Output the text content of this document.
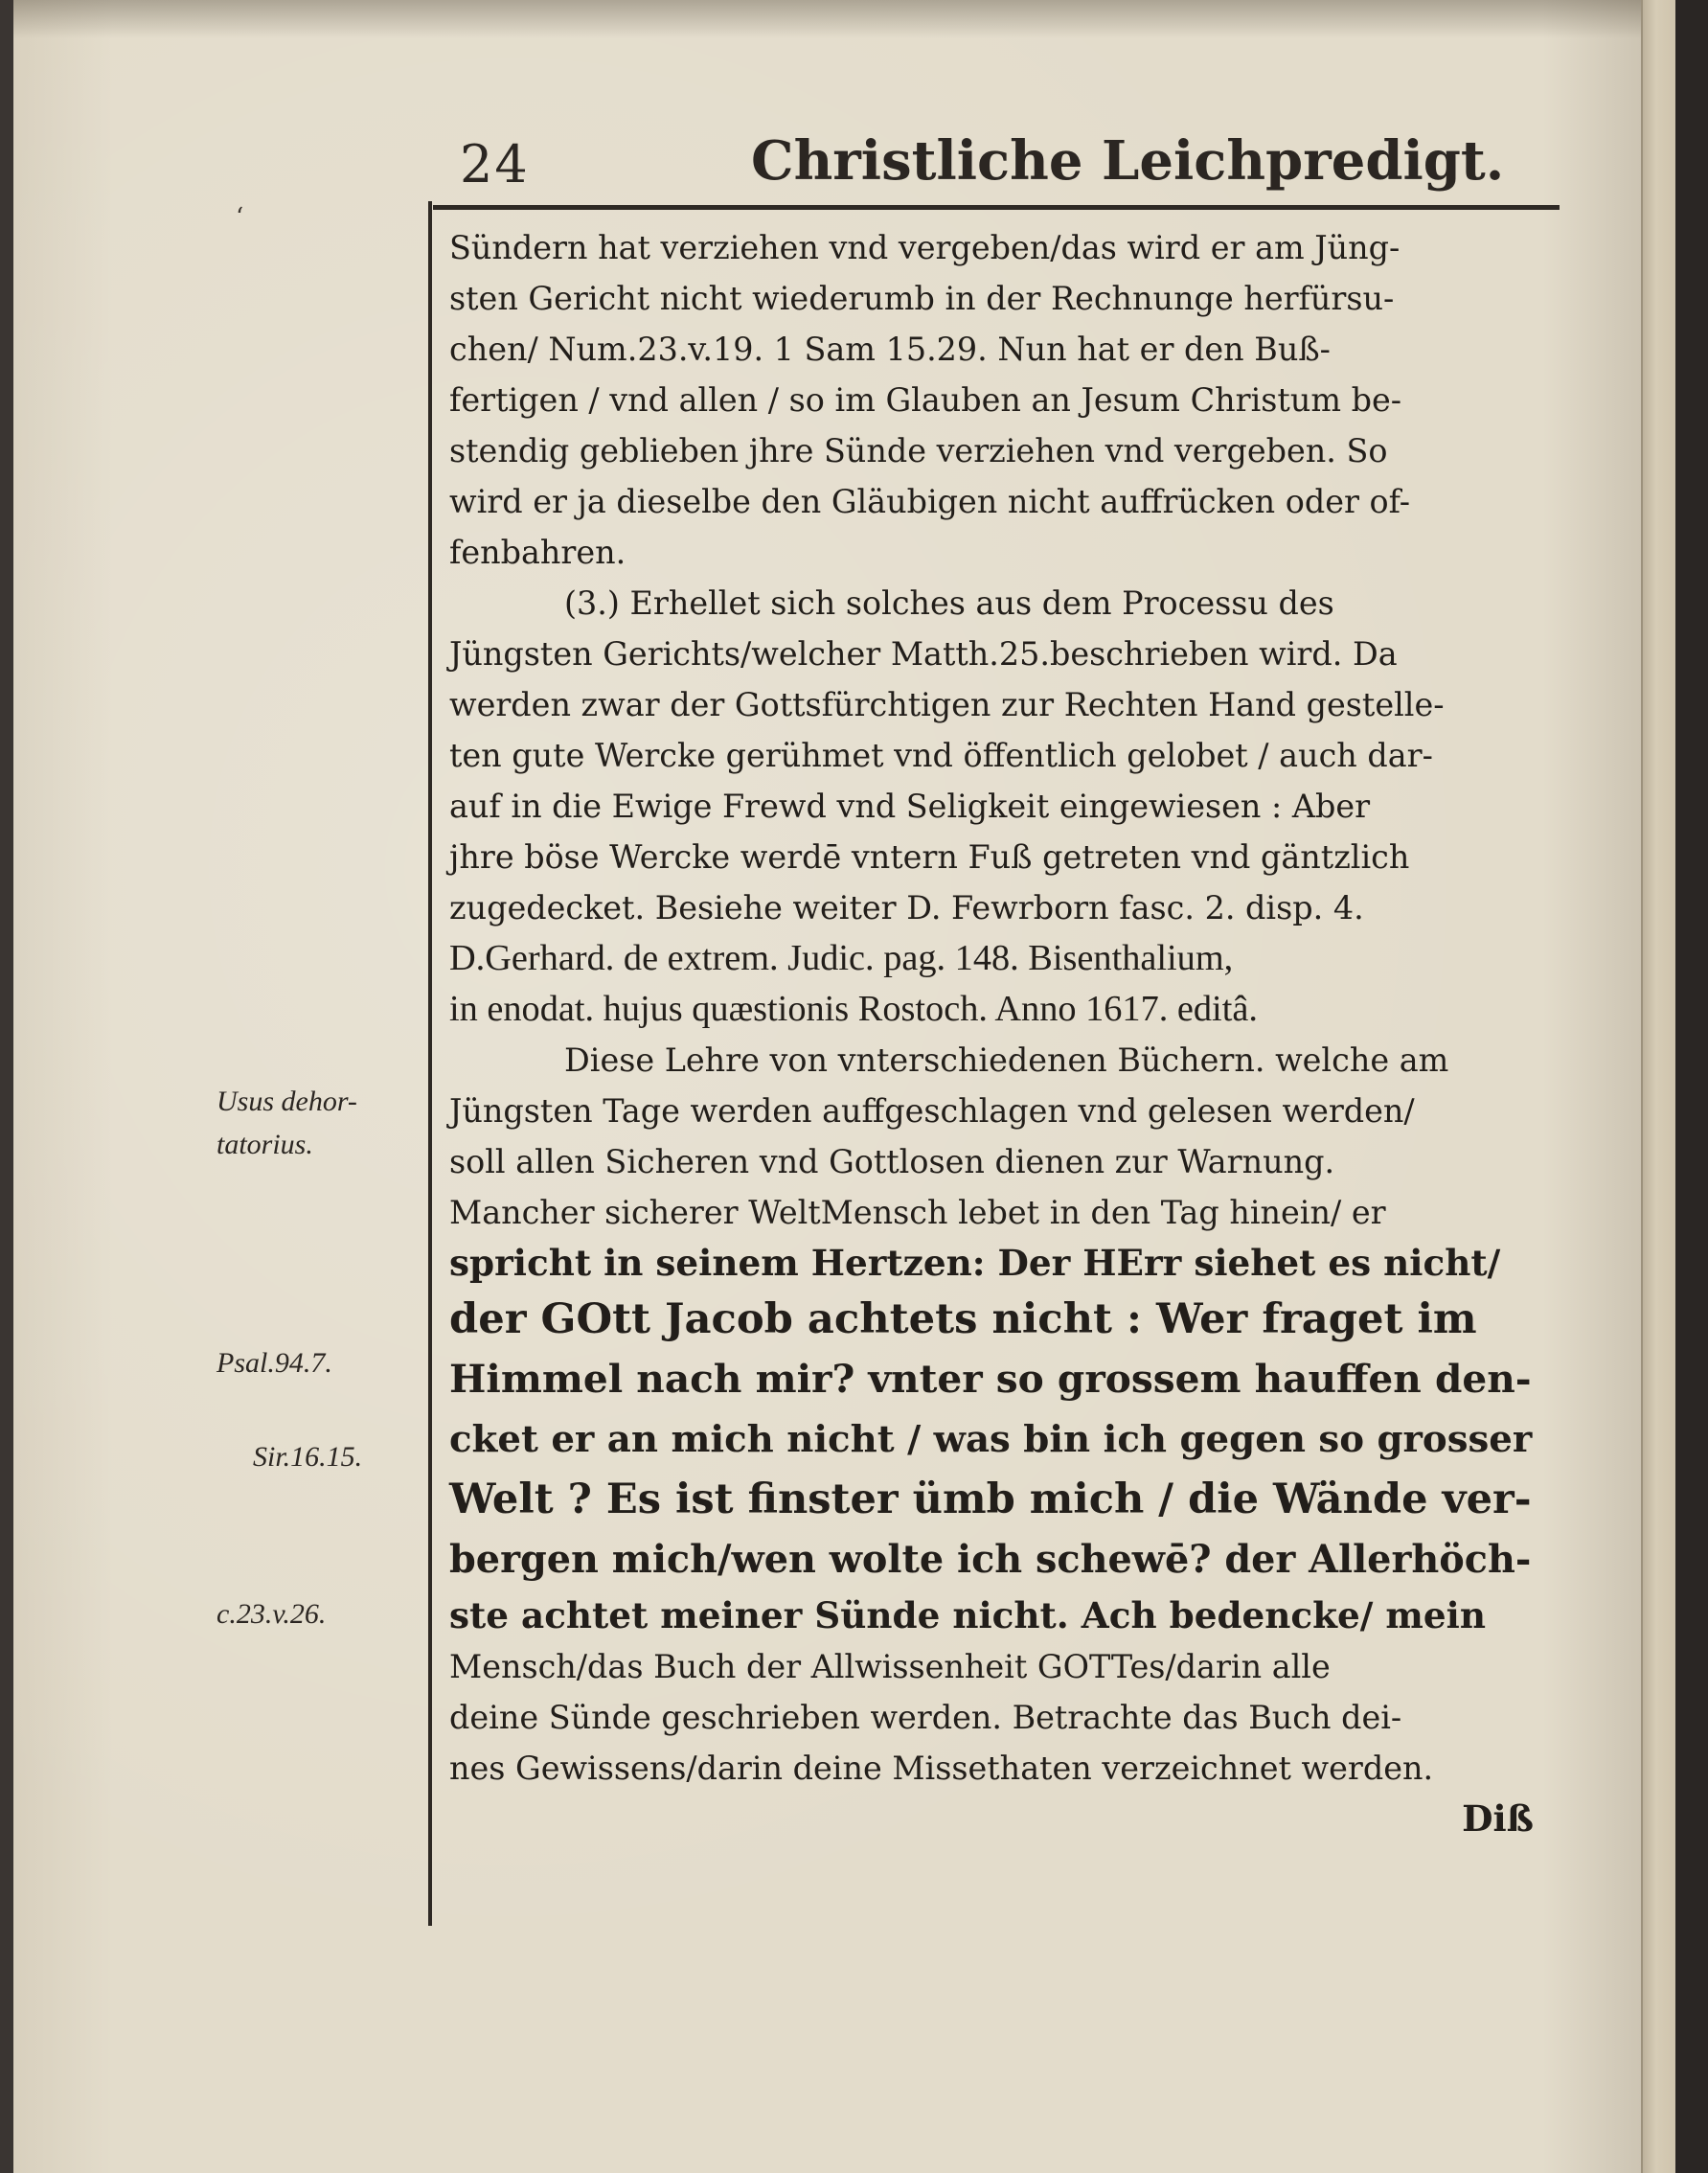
24	Christliche Leichpredigt.
ʻ
Usus dehor-
tatorius.
Psal.94.7.
Sir.16.15.
c.23.v.26.
Sündern hat verziehen vnd vergeben/das wird er am Jüng-
sten Gericht nicht wiederumb in der Rechnunge herfürsu-
chen/ Num.23.v.19. 1 Sam 15.29. Nun hat er den Buß-
fertigen / vnd allen / so im Glauben an Jesum Christum be-
stendig geblieben jhre Sünde verziehen vnd vergeben. So
wird er ja dieselbe den Gläubigen nicht auffrücken oder of-
fenbahren.
(3.) Erhellet sich solches aus dem Processu des
Jüngsten Gerichts/welcher Matth.25.beschrieben wird. Da
werden zwar der Gottsfürchtigen zur Rechten Hand gestelle-
ten gute Wercke gerühmet vnd öffentlich gelobet / auch dar-
auf in die Ewige Frewd vnd Seligkeit eingewiesen : Aber
jhre böse Wercke werdē vntern Fuß getreten vnd gäntzlich
zugedecket. Besiehe weiter D. Fewrborn fasc. 2. disp. 4.
D.Gerhard. de extrem. Judic. pag. 148. Bisenthalium,
in enodat. hujus quæstionis Rostoch. Anno 1617. editâ.
Diese Lehre von vnterschiedenen Büchern. welche am
Jüngsten Tage werden auffgeschlagen vnd gelesen werden/
soll allen Sicheren vnd Gottlosen dienen zur Warnung.
Mancher sicherer WeltMensch lebet in den Tag hinein/ er
spricht in seinem Hertzen: Der HErr siehet es nicht/
der GOtt Jacob achtets nicht : Wer fraget im
Himmel nach mir? vnter so grossem hauffen den-
cket er an mich nicht / was bin ich gegen so grosser
Welt ? Es ist finster ümb mich / die Wände ver-
bergen mich/wen wolte ich schewē? der Allerhöch-
ste achtet meiner Sünde nicht. Ach bedencke/ mein
Mensch/das Buch der Allwissenheit GOTTes/darin alle
deine Sünde geschrieben werden. Betrachte das Buch dei-
nes Gewissens/darin deine Missethaten verzeichnet werden.
Diß
